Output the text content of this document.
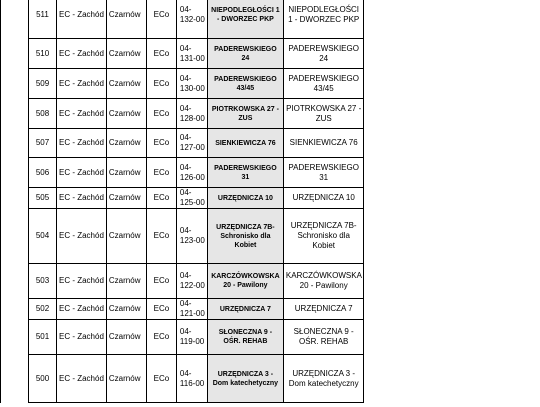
	511	EC - Zachód	Czarnów	ECo	04-132-00	NIEPODLEGŁOŚCI 1 - DWORZEC PKP	NIEPODLEGŁOŚCI 1 - DWORZEC PKP	
	510	EC - Zachód	Czarnów	ECo	04-131-00	PADEREWSKIEGO 24	PADEREWSKIEGO 24	
	509	EC - Zachód	Czarnów	ECo	04-130-00	PADEREWSKIEGO 43/45	PADEREWSKIEGO 43/45	
	508	EC - Zachód	Czarnów	ECo	04-128-00	PIOTRKOWSKA 27 - ZUS	PIOTRKOWSKA 27 - ZUS	
	507	EC - Zachód	Czarnów	ECo	04-127-00	SIENKIEWICZA 76	SIENKIEWICZA 76	
	506	EC - Zachód	Czarnów	ECo	04-126-00	PADEREWSKIEGO 31	PADEREWSKIEGO 31	
	505	EC - Zachód	Czarnów	ECo	04-125-00	URZĘDNICZA 10	URZĘDNICZA 10	
	504	EC - Zachód	Czarnów	ECo	04-123-00	URZĘDNICZA 7B- Schronisko dla Kobiet	URZĘDNICZA 7B- Schronisko dla Kobiet	
	503	EC - Zachód	Czarnów	ECo	04-122-00	KARCZÓWKOWSKA 20 - Pawilony	KARCZÓWKOWSKA 20 - Pawilony	
	502	EC - Zachód	Czarnów	ECo	04-121-00	URZĘDNICZA 7	URZĘDNICZA 7	
	501	EC - Zachód	Czarnów	ECo	04-119-00	SŁONECZNA 9 - OŚR. REHAB	SŁONECZNA 9 - OŚR. REHAB	
	500	EC - Zachód	Czarnów	ECo	04-116-00	URZĘDNICZA 3 - Dom katechetyczny	URZĘDNICZA 3 - Dom katechetyczny	
